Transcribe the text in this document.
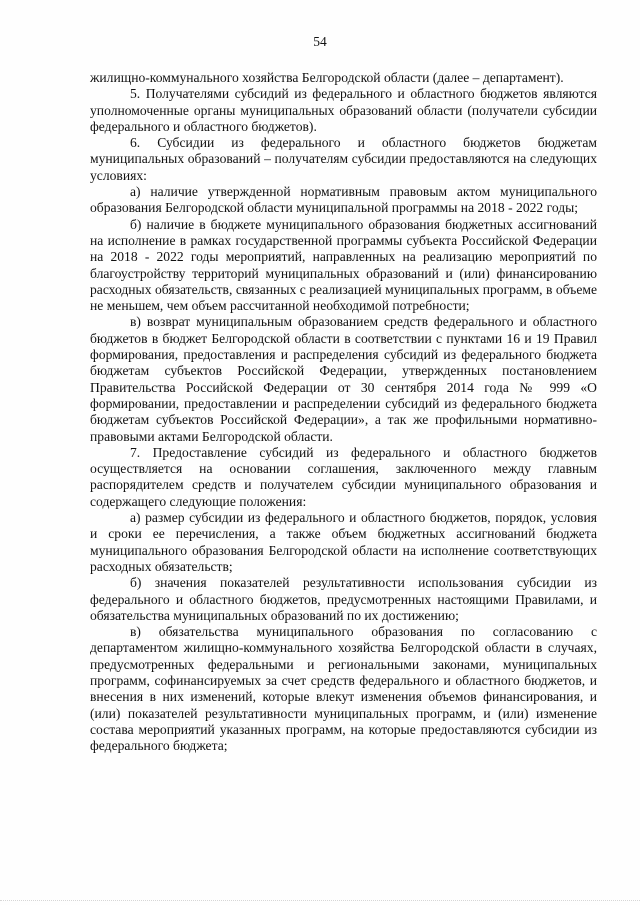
54

жилищно-коммунального хозяйства Белгородской области (далее – департамент).

5. Получателями субсидий из федерального и областного бюджетов являются уполномоченные органы муниципальных образований области (получатели субсидии федерального и областного бюджетов).

6. Субсидии из федерального и областного бюджетов бюджетам муниципальных образований – получателям субсидии предоставляются на следующих условиях:

а) наличие утвержденной нормативным правовым актом муниципального образования Белгородской области муниципальной программы на 2018 - 2022 годы;

б) наличие в бюджете муниципального образования бюджетных ассигнований на исполнение в рамках государственной программы субъекта Российской Федерации на 2018 - 2022 годы мероприятий, направленных на реализацию мероприятий по благоустройству территорий муниципальных образований и (или) финансированию расходных обязательств, связанных с реализацией муниципальных программ, в объеме не меньшем, чем объем рассчитанной необходимой потребности;

в) возврат муниципальным образованием средств федерального и областного бюджетов в бюджет Белгородской области в соответствии с пунктами 16 и 19 Правил формирования, предоставления и распределения субсидий из федерального бюджета бюджетам субъектов Российской Федерации, утвержденных постановлением Правительства Российской Федерации от 30 сентября 2014 года № 999 «О формировании, предоставлении и распределении субсидий из федерального бюджета бюджетам субъектов Российской Федерации», а так же профильными нормативно-правовыми актами Белгородской области.

7. Предоставление субсидий из федерального и областного бюджетов осуществляется на основании соглашения, заключенного между главным распорядителем средств и получателем субсидии муниципального образования и содержащего следующие положения:

а) размер субсидии из федерального и областного бюджетов, порядок, условия и сроки ее перечисления, а также объем бюджетных ассигнований бюджета муниципального образования Белгородской области на исполнение соответствующих расходных обязательств;

б) значения показателей результативности использования субсидии из федерального и областного бюджетов, предусмотренных настоящими Правилами, и обязательства муниципальных образований по их достижению;

в) обязательства муниципального образования по согласованию с департаментом жилищно-коммунального хозяйства Белгородской области в случаях, предусмотренных федеральными и региональными законами, муниципальных программ, софинансируемых за счет средств федерального и областного бюджетов, и внесения в них изменений, которые влекут изменения объемов финансирования, и (или) показателей результативности муниципальных программ, и (или) изменение состава мероприятий указанных программ, на которые предоставляются субсидии из федерального бюджета;
